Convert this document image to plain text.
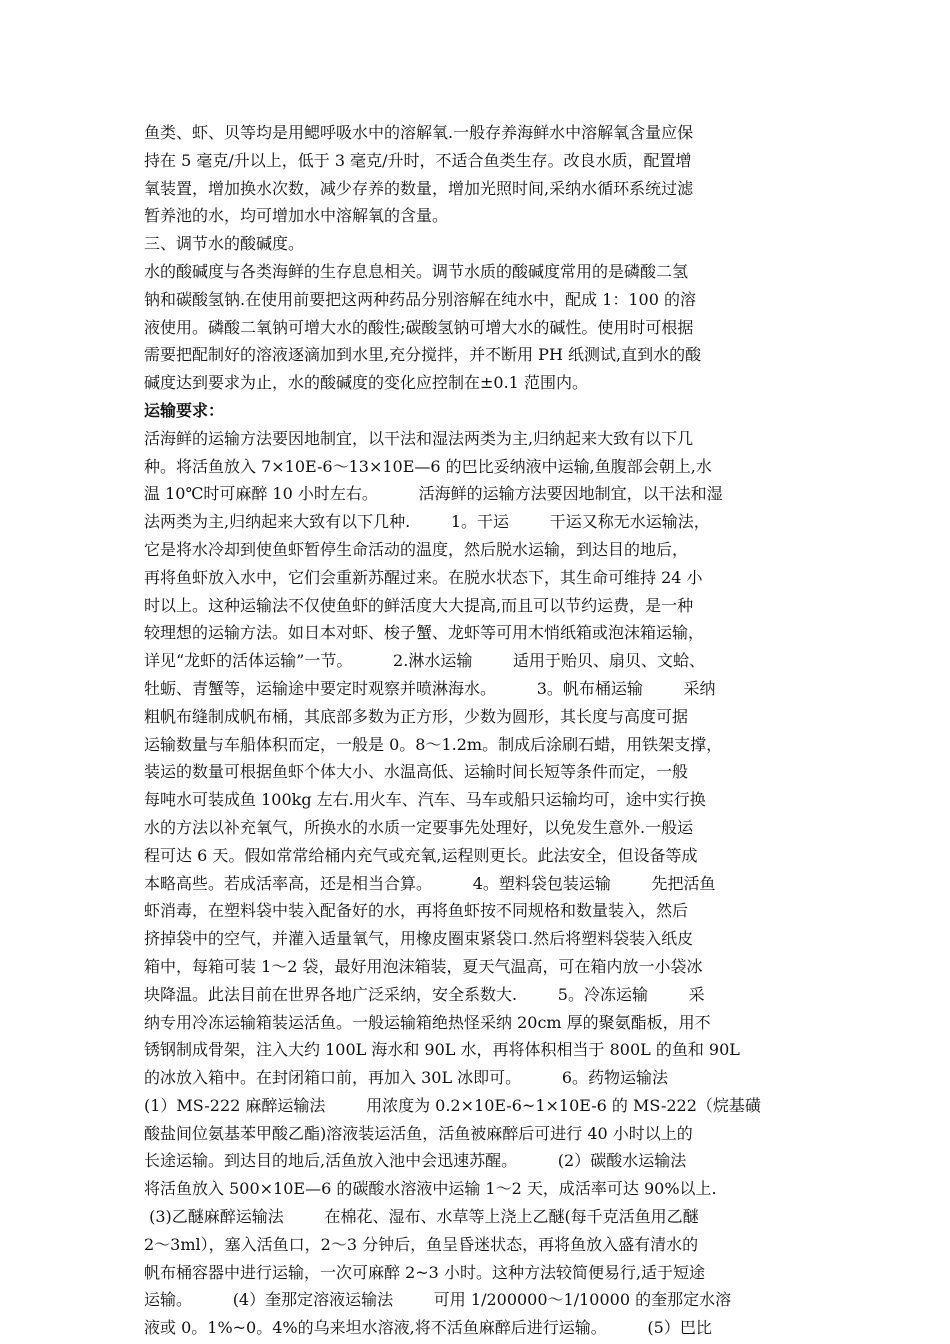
鱼类、虾、贝等均是用鳃呼吸水中的溶解氧.一般存养海鲜水中溶解氧含量应保
持在 5 毫克/升以上，低于 3 毫克/升时，不适合鱼类生存。改良水质，配置增
氧装置，增加换水次数，减少存养的数量，增加光照时间,采纳水循环系统过滤
暂养池的水，均可增加水中溶解氧的含量。
三、调节水的酸碱度。
水的酸碱度与各类海鲜的生存息息相关。调节水质的酸碱度常用的是磷酸二氢
钠和碳酸氢钠.在使用前要把这两种药品分别溶解在纯水中，配成 1：100 的溶
液使用。磷酸二氧钠可增大水的酸性;碳酸氢钠可增大水的碱性。使用时可根据
需要把配制好的溶液逐滴加到水里,充分搅拌，并不断用 PH 纸测试,直到水的酸
碱度达到要求为止，水的酸碱度的变化应控制在±0.1 范围内。
运输要求：
活海鲜的运输方法要因地制宜，以干法和湿法两类为主,归纳起来大致有以下几
种。将活鱼放入 7×10E-6～13×10E—6 的巴比妥纳液中运输,鱼腹部会朝上,水
温 10℃时可麻醉 10 小时左右。        活海鲜的运输方法要因地制宜，以干法和湿
法两类为主,归纳起来大致有以下几种.        1。干运        干运又称无水运输法，
它是将水冷却到使鱼虾暂停生命活动的温度，然后脱水运输，到达目的地后，
再将鱼虾放入水中，它们会重新苏醒过来。在脱水状态下，其生命可维持 24 小
时以上。这种运输法不仅使鱼虾的鲜活度大大提高,而且可以节约运费，是一种
较理想的运输方法。如日本对虾、梭子蟹、龙虾等可用木悄纸箱或泡沫箱运输，
详见“龙虾的活体运输”一节。        2.淋水运输        适用于贻贝、扇贝、文蛤、
牡蛎、青蟹等，运输途中要定时观察并喷淋海水。        3。帆布桶运输        采纳
粗帆布缝制成帆布桶，其底部多数为正方形，少数为圆形，其长度与高度可据
运输数量与车船体积而定，一般是 0。8～1.2m。制成后涂刷石蜡，用铁架支撑，
装运的数量可根据鱼虾个体大小、水温高低、运输时间长短等条件而定，一般
每吨水可装成鱼 100kg 左右.用火车、汽车、马车或船只运输均可，途中实行换
水的方法以补充氧气，所换水的水质一定要事先处理好，以免发生意外.一般运
程可达 6 天。假如常常给桶内充气或充氧,运程则更长。此法安全，但设备等成
本略高些。若成活率高，还是相当合算。        4。塑料袋包装运输        先把活鱼
虾消毒，在塑料袋中装入配备好的水，再将鱼虾按不同规格和数量装入，然后
挤掉袋中的空气，并灌入适量氧气，用橡皮圈束紧袋口.然后将塑料袋装入纸皮
箱中，每箱可装 1～2 袋，最好用泡沫箱装，夏天气温高，可在箱内放一小袋冰
块降温。此法目前在世界各地广泛采纳，安全系数大.        5。冷冻运输        采
纳专用冷冻运输箱装运活鱼。一般运输箱绝热怪采纳 20cm 厚的聚氨酯板，用不
锈钢制成骨架，注入大约 100L 海水和 90L 水，再将体积相当于 800L 的鱼和 90L
的冰放入箱中。在封闭箱口前，再加入 30L 冰即可。        6。药物运输法
(1）MS-222 麻醉运输法        用浓度为 0.2×10E-6~1×10E-6 的 MS-222（烷基磺
酸盐间位氨基苯甲酸乙酯)溶液装运活鱼，活鱼被麻醉后可进行 40 小时以上的
长途运输。到达目的地后,活鱼放入池中会迅速苏醒。        (2）碳酸水运输法
将活鱼放入 500×10E—6 的碳酸水溶液中运输 1～2 天，成活率可达 90%以上.
(3)乙醚麻醉运输法        在棉花、湿布、水草等上浇上乙醚(每千克活鱼用乙醚
2～3ml），塞入活鱼口，2～3 分钟后，鱼呈昏迷状态，再将鱼放入盛有清水的
帆布桶容器中进行运输，一次可麻醉 2~3 小时。这种方法较简便易行,适于短途
运输。        (4）奎那定溶液运输法        可用 1/200000～1/10000 的奎那定水溶
液或 0。1%~0。4%的乌来坦水溶液,将不活鱼麻醉后进行运输。        (5）巴比
